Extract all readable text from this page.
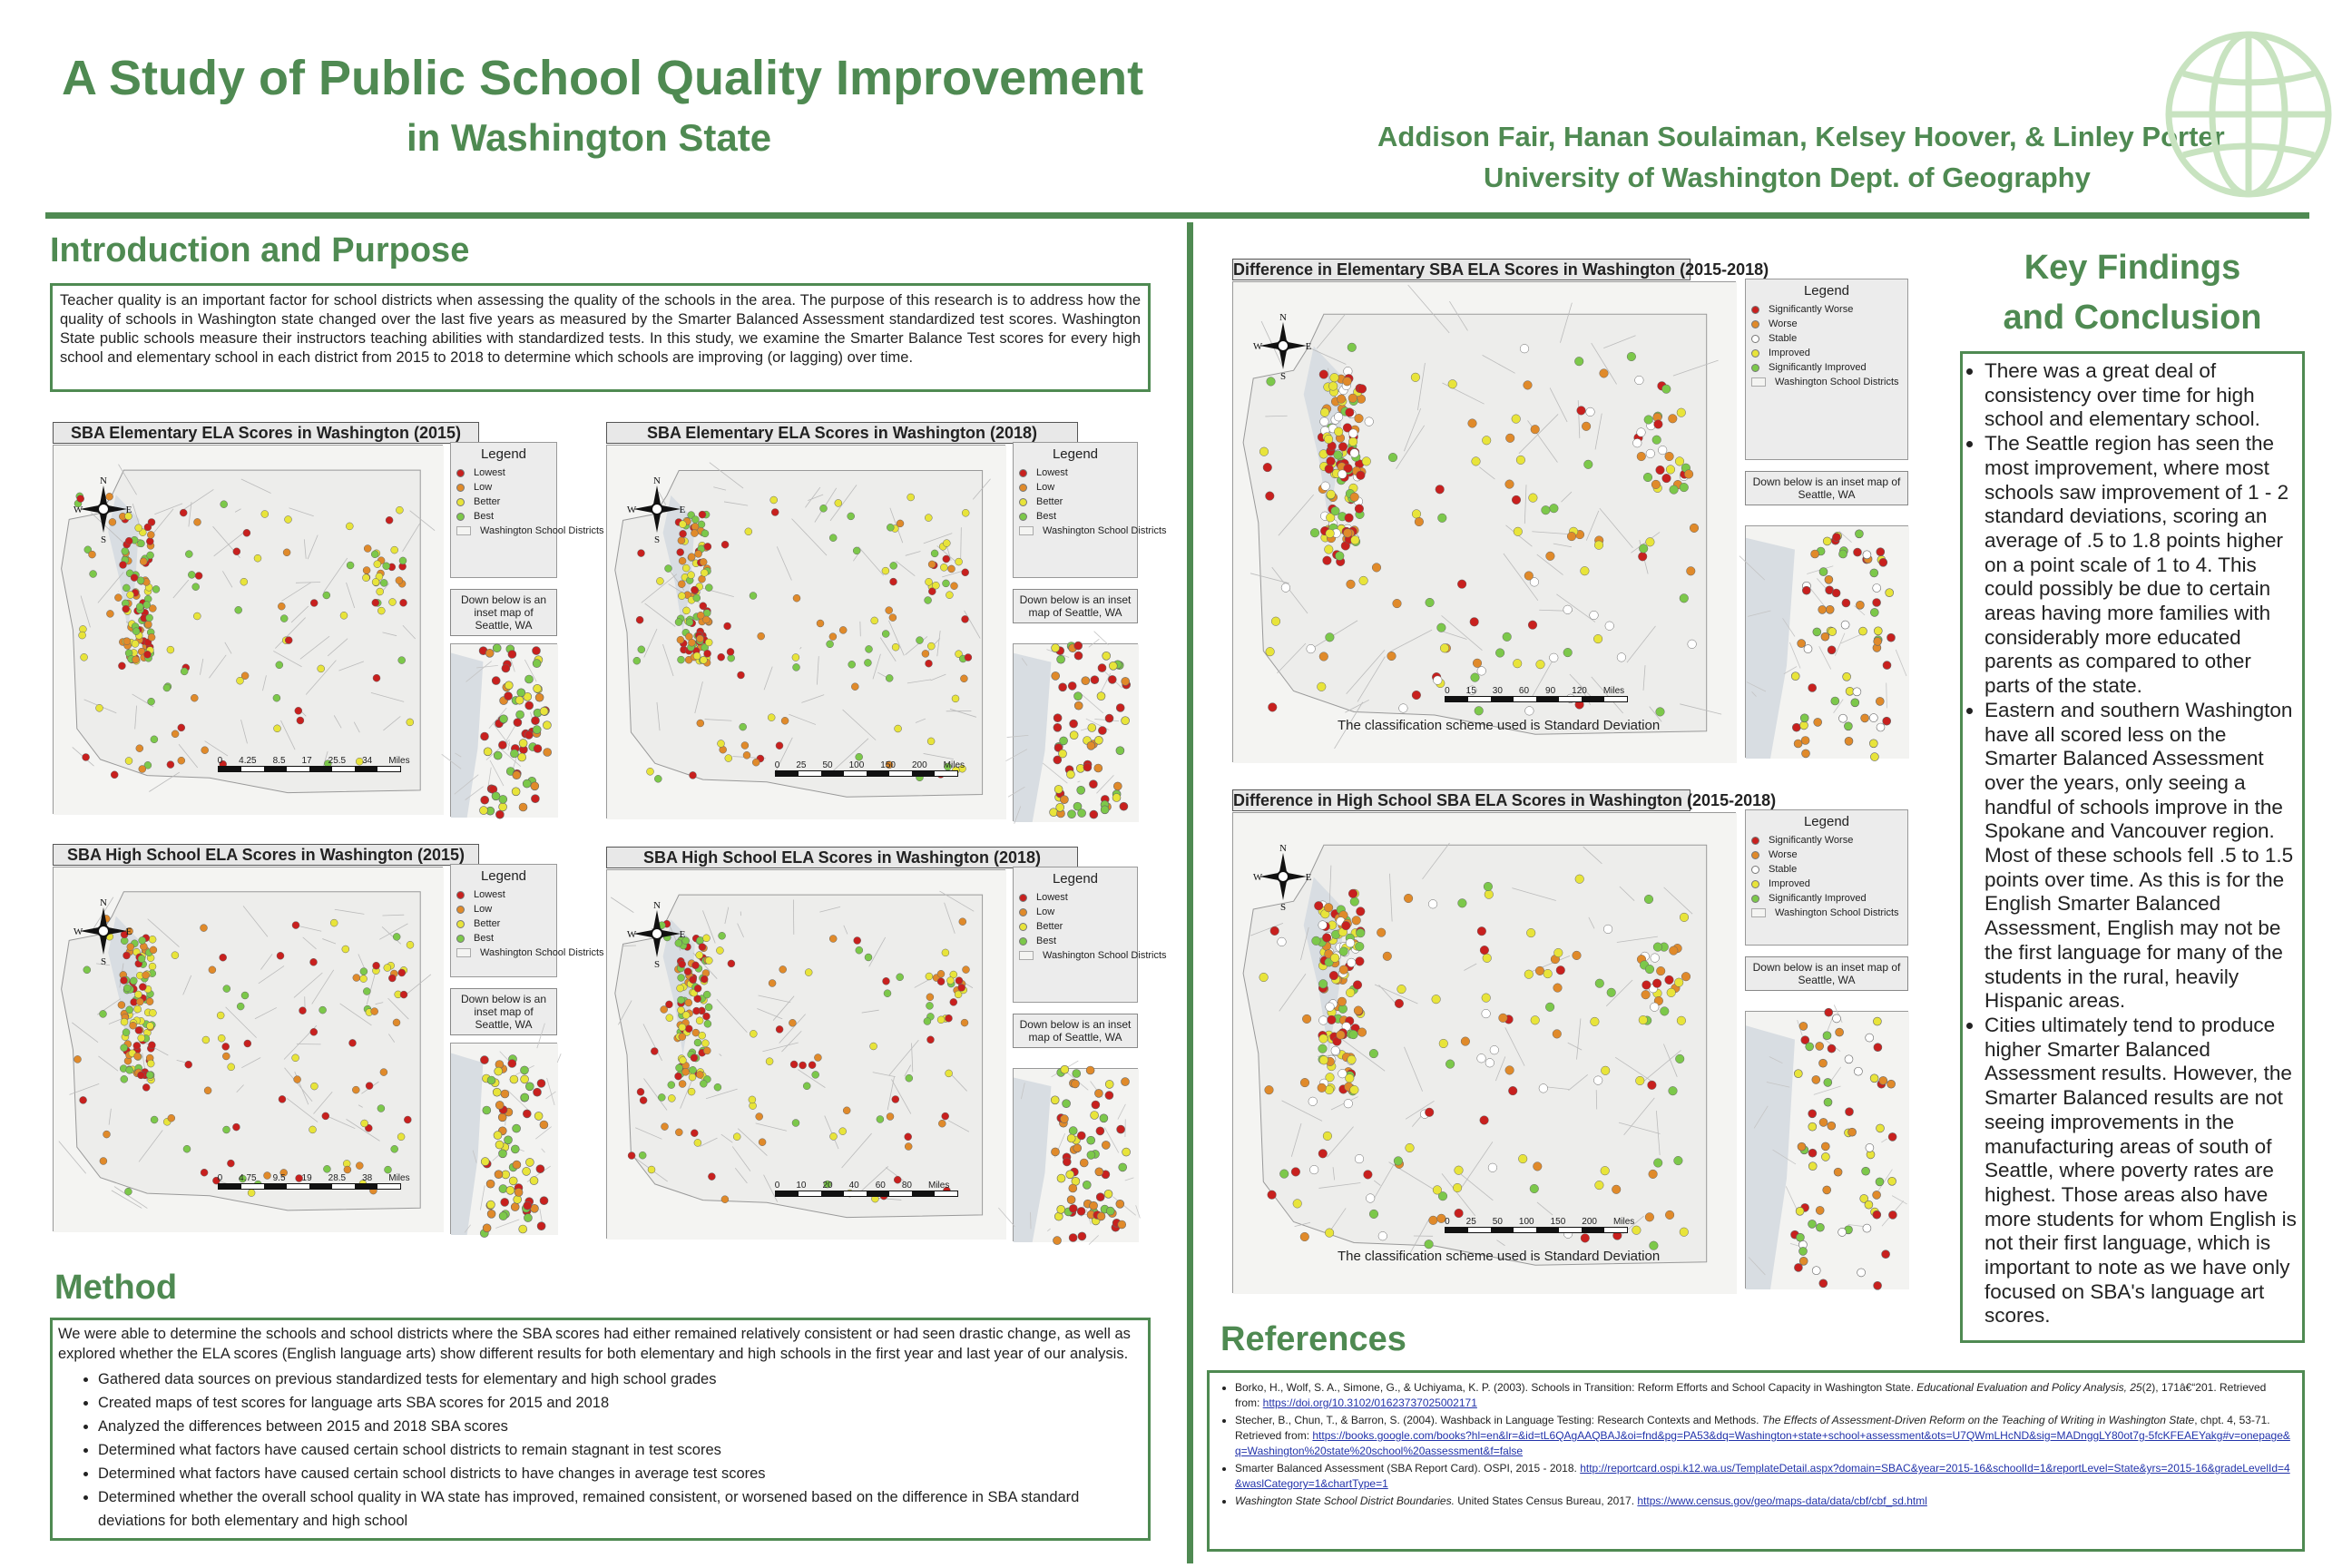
A Study of Public School Quality Improvement
in Washington State	Addison Fair, Hanan Soulaiman, Kelsey Hoover, & Linley Porter
University of Washington Dept. of Geography
Introduction and Purpose
Teacher quality is an important factor for school districts when assessing the quality of the schools in the area. The purpose of this research is to address how the quality of schools in Washington state changed over the last five years as measured by the Smarter Balanced Assessment standardized test scores. Washington State public schools measure their instructors teaching abilities with standardized tests. In this study, we examine the Smarter Balance Test scores for every high school and elementary school in each district from 2015 to 2018 to determine which schools are improving (or lagging) over time.
SBA Elementary ELA Scores in Washington (2015)
N
S
W	E
0 4.25 8.5 17 25.5 34 Miles
Legend
Lowest
Low
Better
Best
Washington School Districts
Down below is an inset map of Seattle, WA
SBA Elementary ELA Scores in Washington (2018)
N
S
W	E
0 25 50 100 150 200 Miles
Legend
Lowest
Low
Better
Best
Washington School Districts
Down below is an inset map of Seattle, WA
SBA High School ELA Scores in Washington (2015)
N
S
W	E
0 4.75 9.5 19 28.5 38 Miles
Legend
Lowest
Low
Better
Best
Washington School Districts
Down below is an inset map of Seattle, WA
SBA High School ELA Scores in Washington (2018)
N
S
W	E
0 10 20 40 60 80 Miles
Legend
Lowest
Low
Better
Best
Washington School Districts
Down below is an inset map of Seattle, WA
Difference in Elementary SBA ELA Scores in Washington (2015-2018)
N
S
W	E
0 15 30 60 90 120 Miles
The classification scheme used is Standard Deviation
Legend
Significantly Worse
Worse
Stable
Improved
Significantly Improved
Washington School Districts
Down below is an inset map of Seattle, WA
Difference in High School SBA ELA Scores in Washington (2015-2018)
N
S
W	E
0 25 50 100 150 200 Miles
The classification scheme used is Standard Deviation
Legend
Significantly Worse
Worse
Stable
Improved
Significantly Improved
Washington School Districts
Down below is an inset map of Seattle, WA
Method
We were able to determine the schools and school districts where the SBA scores had either remained relatively consistent or had seen drastic change, as well as explored whether the ELA scores (English language arts) show different results for both elementary and high schools in the first year and last year of our analysis.
• Gathered data sources on previous standardized tests for elementary and high school grades
• Created maps of test scores for language arts SBA scores for 2015 and 2018
• Analyzed the differences between 2015 and 2018 SBA scores
• Determined what factors have caused certain school districts to remain stagnant in test scores
• Determined what factors have caused certain school districts to have changes in average test scores
• Determined whether the overall school quality in WA state has improved, remained consistent, or worsened based on the difference in SBA standard deviations for both elementary and high school
Key Findings
and Conclusion
• There was a great deal of consistency over time for high school and elementary school.
• The Seattle region has seen the most improvement, where most schools saw improvement of 1 - 2 standard deviations, scoring an average of .5 to 1.8 points higher on a point scale of 1 to 4. This could possibly be due to certain areas having more families with considerably more educated parents as compared to other parts of the state.
• Eastern and southern Washington have all scored less on the Smarter Balanced Assessment over the years, only seeing a handful of schools improve in the Spokane and Vancouver region. Most of these schools fell .5 to 1.5 points over time. As this is for the English Smarter Balanced Assessment, English may not be the first language for many of the students in the rural, heavily Hispanic areas.
• Cities ultimately tend to produce higher Smarter Balanced Assessment results. However, the Smarter Balanced results are not seeing improvements in the manufacturing areas of south of Seattle, where poverty rates are highest. Those areas also have more students for whom English is not their first language, which is important to note as we have only focused on SBA's language art scores.
References
• Borko, H., Wolf, S. A., Simone, G., & Uchiyama, K. P. (2003). Schools in Transition: Reform Efforts and School Capacity in Washington State. Educational Evaluation and Policy Analysis, 25(2), 171â€“201. Retrieved from: https://doi.org/10.3102/01623737025002171
• Stecher, B., Chun, T., & Barron, S. (2004). Washback in Language Testing: Research Contexts and Methods. The Effects of Assessment-Driven Reform on the Teaching of Writing in Washington State, chpt. 4, 53-71. Retrieved from: https://books.google.com/books?hl=en&lr=&id=tL6QAgAAQBAJ&oi=fnd&pg=PA53&dq=Washington+state+school+assessment&ots=U7QWmLHcND&sig=MADnggLY80ot7g-5fcKFEAEYakg#v=onepage&q=Washington%20state%20school%20assessment&f=false
• Smarter Balanced Assessment (SBA Report Card). OSPI, 2015 - 2018. http://reportcard.ospi.k12.wa.us/TemplateDetail.aspx?domain=SBAC&year=2015-16&schoolId=1&reportLevel=State&yrs=2015-16&gradeLevelId=4&waslCategory=1&chartType=1
• Washington State School District Boundaries. United States Census Bureau, 2017. https://www.census.gov/geo/maps-data/data/cbf/cbf_sd.html
